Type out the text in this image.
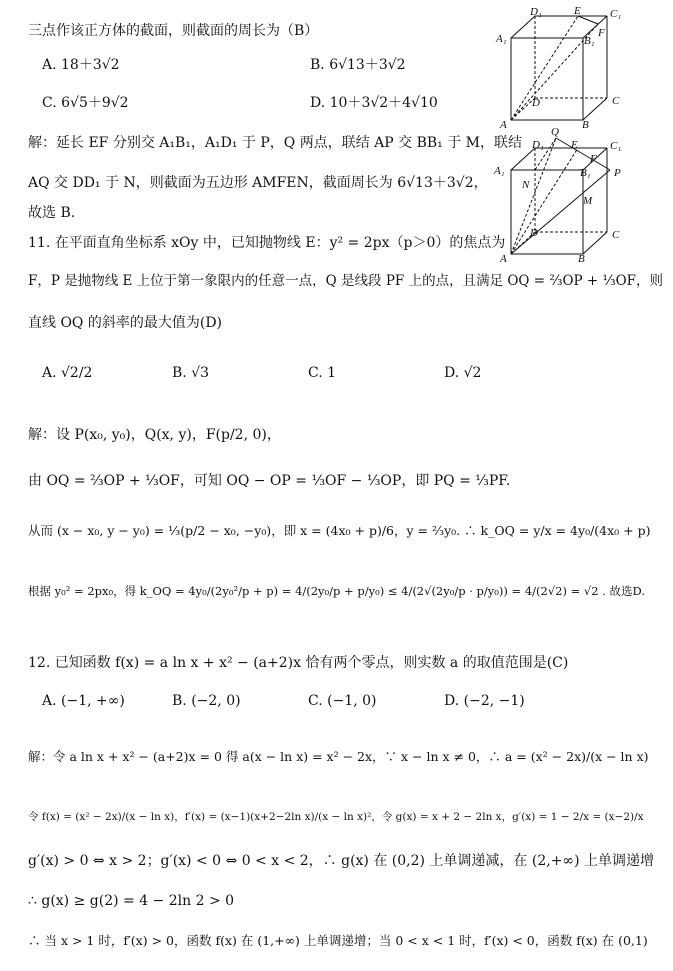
三点作该正方体的截面，则截面的周长为（B）
A. 18＋3√2	B. 6√13＋3√2
C. 6√5＋9√2	D. 10＋3√2＋4√10
解：延长 EF 分别交 A₁B₁，A₁D₁ 于 P，Q 两点，联结 AP 交 BB₁ 于 M，联结
AQ 交 DD₁ 于 N，则截面为五边形 AMFEN，截面周长为 6√13＋3√2，
故选 B.
D₁	E	C₁
A₁	B₁
F
D	C
A	B
Q
D₁ E	C₁
A₁	B₁ P
N
F
M
D	C
A	B
11. 在平面直角坐标系 xOy 中，已知抛物线 E：y² = 2px（p＞0）的焦点为
F，P 是抛物线 E 上位于第一象限内的任意一点，Q 是线段 PF 上的点，且满足 OQ = ⅔OP + ⅓OF，则
直线 OQ 的斜率的最大值为(D)
A. √2/2	B. √3	C. 1	D. √2
解：设 P(x₀, y₀)，Q(x, y)，F(p/2, 0)，
由 OQ = ⅔OP + ⅓OF，可知 OQ − OP = ⅓OF − ⅓OP，即 PQ = ⅓PF.
从而 (x − x₀, y − y₀) = ⅓(p/2 − x₀, −y₀)，即 x = (4x₀ + p)/6，y = ⅔y₀. ∴ k_OQ = y/x = 4y₀/(4x₀ + p)
根据 y₀² = 2px₀，得 k_OQ = 4y₀/(2y₀²/p + p) = 4/(2y₀/p + p/y₀) ≤ 4/(2√(2y₀/p · p/y₀)) = 4/(2√2) = √2 . 故选D.
12. 已知函数 f(x) = a ln x + x² − (a+2)x 恰有两个零点，则实数 a 的取值范围是(C)
A. (−1, +∞)	B. (−2, 0)	C. (−1, 0)	D. (−2, −1)
解：令 a ln x + x² − (a+2)x = 0 得 a(x − ln x) = x² − 2x，∵ x − ln x ≠ 0，∴ a = (x² − 2x)/(x − ln x)
令 f(x) = (x² − 2x)/(x − ln x)，f′(x) = (x−1)(x+2−2ln x)/(x − ln x)²，令 g(x) = x + 2 − 2ln x，g′(x) = 1 − 2/x = (x−2)/x
g′(x) > 0 ⇔ x > 2；g′(x) < 0 ⇔ 0 < x < 2，∴ g(x) 在 (0,2) 上单调递减，在 (2,+∞) 上单调递增
∴ g(x) ≥ g(2) = 4 − 2ln 2 > 0
∴ 当 x > 1 时，f′(x) > 0，函数 f(x) 在 (1,+∞) 上单调递增；当 0 < x < 1 时，f′(x) < 0，函数 f(x) 在 (0,1)
